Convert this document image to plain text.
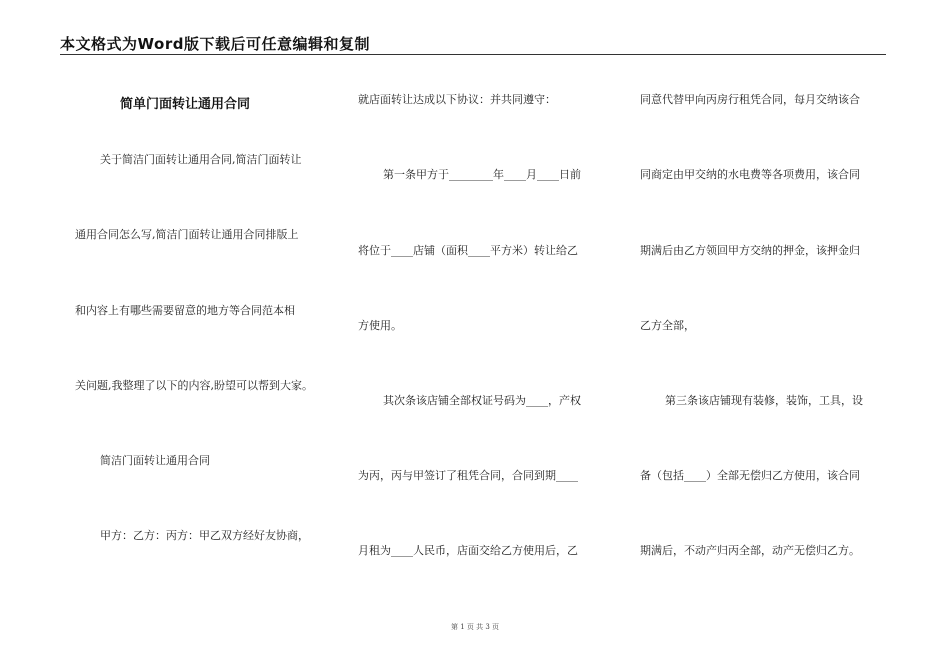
本文格式为Word版下载后可任意编辑和复制
简单门面转让通用合同
关于简洁门面转让通用合同,简洁门面转让
通用合同怎么写,简洁门面转让通用合同排版上
和内容上有哪些需要留意的地方等合同范本相
关问题,我整理了以下的内容,盼望可以帮到大家。
简洁门面转让通用合同
甲方：乙方：丙方：甲乙双方经好友协商，
就店面转让达成以下协议：并共同遵守：
第一条甲方于________年____月____日前
将位于____店铺（面积____平方米）转让给乙
方使用。
其次条该店铺全部权证号码为____，产权
为丙，丙与甲签订了租凭合同，合同到期____
月租为____人民币，店面交给乙方使用后，乙
同意代替甲向丙房行租凭合同，每月交纳该合
同商定由甲交纳的水电费等各项费用，该合同
期满后由乙方领回甲方交纳的押金，该押金归
乙方全部，
第三条该店铺现有装修，装饰，工具，设
备（包括____）全部无偿归乙方使用，该合同
期满后，不动产归丙全部，动产无偿归乙方。
第 1 页 共 3 页
